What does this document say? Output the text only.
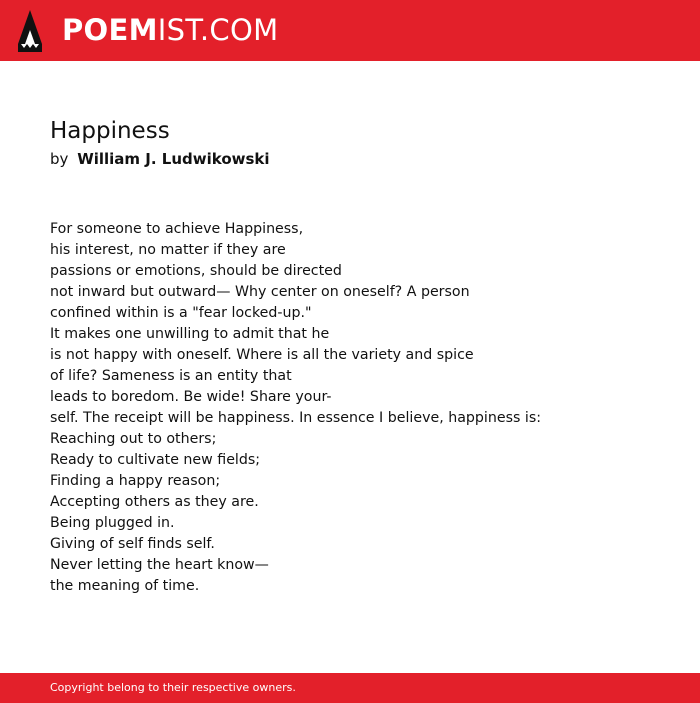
POEMIST.COM
Happiness
by William J. Ludwikowski
For someone to achieve Happiness,
his interest, no matter if they are
passions or emotions, should be directed
not inward but outward— Why center on oneself? A person
confined within is a "fear locked-up."
It makes one unwilling to admit that he
is not happy with oneself. Where is all the variety and spice
of life? Sameness is an entity that
leads to boredom. Be wide! Share your-
self. The receipt will be happiness. In essence I believe, happiness is:
Reaching out to others;
Ready to cultivate new fields;
Finding a happy reason;
Accepting others as they are.
Being plugged in.
Giving of self finds self.
Never letting the heart know—
the meaning of time.
Copyright belong to their respective owners.
